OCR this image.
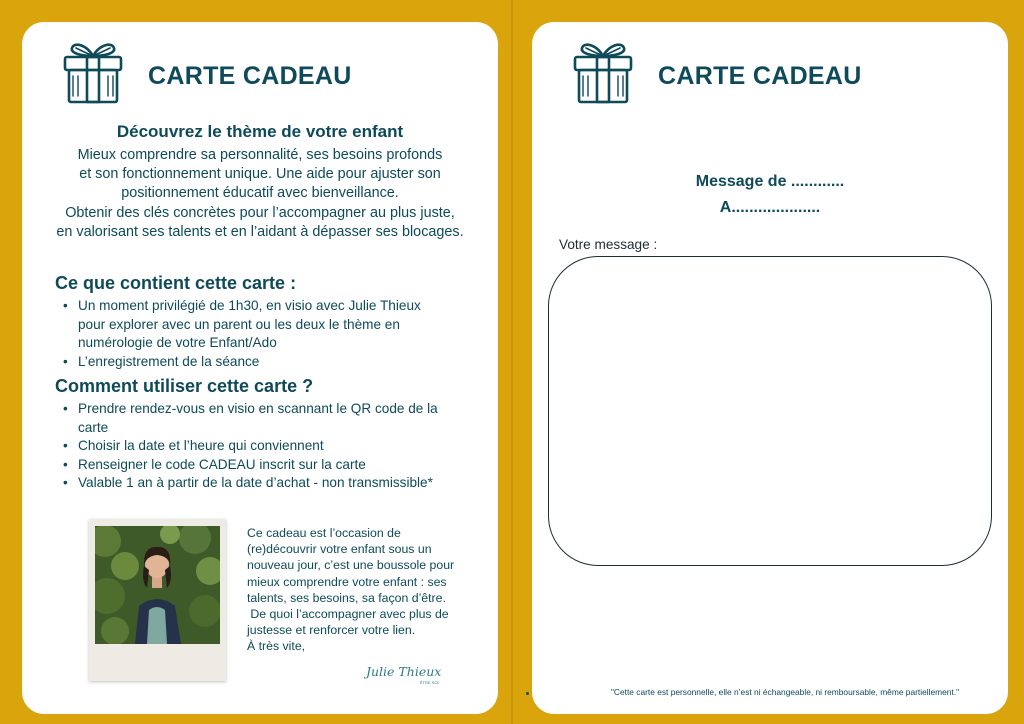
CARTE CADEAU
Découvrez le thème de votre enfant
Mieux comprendre sa personnalité, ses besoins profonds
et son fonctionnement unique. Une aide pour ajuster son
positionnement éducatif avec bienveillance.
Obtenir des clés concrètes pour l’accompagner au plus juste,
en valorisant ses talents et en l’aidant à dépasser ses blocages.
Ce que contient cette carte :
• Un moment privilégié de 1h30, en visio avec Julie Thieux
pour explorer avec un parent ou les deux le thème en
numérologie de votre Enfant/Ado
• L’enregistrement de la séance
Comment utiliser cette carte ?
• Prendre rendez-vous en visio en scannant le QR code de la
carte
• Choisir la date et l’heure qui conviennent
• Renseigner le code CADEAU inscrit sur la carte
• Valable 1 an à partir de la date d’achat - non transmissible*
Ce cadeau est l’occasion de
(re)découvrir votre enfant sous un
nouveau jour, c’est une boussole pour
mieux comprendre votre enfant : ses
talents, ses besoins, sa façon d’être.
De quoi l’accompagner avec plus de
justesse et renforcer votre lien.
À très vite,
Julie Thieux
ÊTRE SOI
CARTE CADEAU
Message de ............
A....................
Votre message :
"Cette carte est personnelle, elle n’est ni échangeable, ni remboursable, même partiellement."
